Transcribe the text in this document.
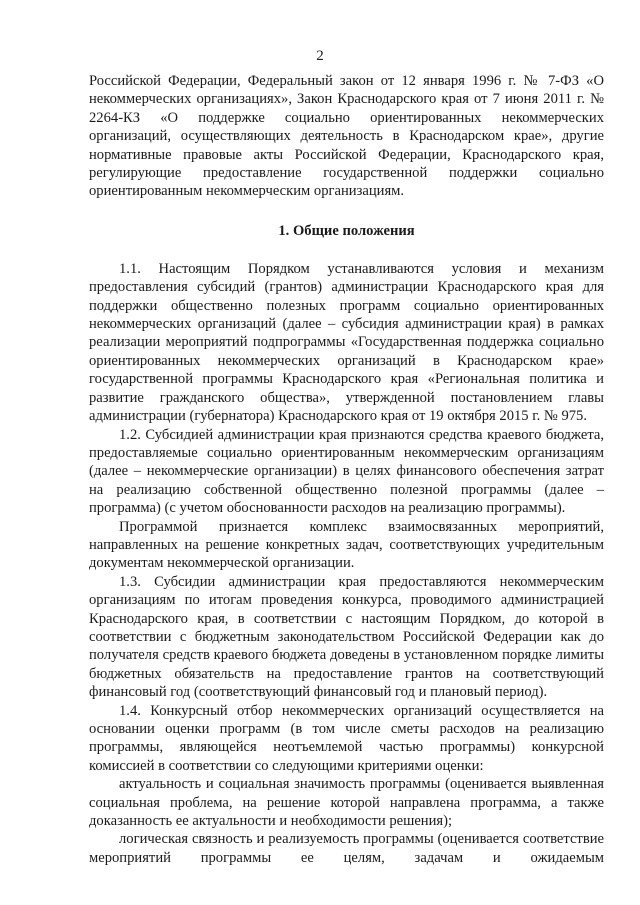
2

Российской Федерации, Федеральный закон от 12 января 1996 г. № 7-ФЗ «О некоммерческих организациях», Закон Краснодарского края от 7 июня 2011 г. № 2264-КЗ «О поддержке социально ориентированных некоммерческих организаций, осуществляющих деятельность в Краснодарском крае», другие нормативные правовые акты Российской Федерации, Краснодарского края, регулирующие предоставление государственной поддержки социально ориентированным некоммерческим организациям.

1. Общие положения

1.1. Настоящим Порядком устанавливаются условия и механизм предоставления субсидий (грантов) администрации Краснодарского края для поддержки общественно полезных программ социально ориентированных некоммерческих организаций (далее – субсидия администрации края) в рамках реализации мероприятий подпрограммы «Государственная поддержка социально ориентированных некоммерческих организаций в Краснодарском крае» государственной программы Краснодарского края «Региональная политика и развитие гражданского общества», утвержденной постановлением главы администрации (губернатора) Краснодарского края от 19 октября 2015 г. № 975.

1.2. Субсидией администрации края признаются средства краевого бюджета, предоставляемые социально ориентированным некоммерческим организациям (далее – некоммерческие организации) в целях финансового обеспечения затрат на реализацию собственной общественно полезной программы (далее – программа) (с учетом обоснованности расходов на реализацию программы).

Программой признается комплекс взаимосвязанных мероприятий, направленных на решение конкретных задач, соответствующих учредительным документам некоммерческой организации.

1.3. Субсидии администрации края предоставляются некоммерческим организациям по итогам проведения конкурса, проводимого администрацией Краснодарского края, в соответствии с настоящим Порядком, до которой в соответствии с бюджетным законодательством Российской Федерации как до получателя средств краевого бюджета доведены в установленном порядке лимиты бюджетных обязательств на предоставление грантов на соответствующий финансовый год (соответствующий финансовый год и плановый период).

1.4. Конкурсный отбор некоммерческих организаций осуществляется на основании оценки программ (в том числе сметы расходов на реализацию программы, являющейся неотъемлемой частью программы) конкурсной комиссией в соответствии со следующими критериями оценки:

актуальность и социальная значимость программы (оценивается выявленная социальная проблема, на решение которой направлена программа, а также доказанность ее актуальности и необходимости решения);

логическая связность и реализуемость программы (оценивается соответствие мероприятий программы ее целям, задачам и ожидаемым
